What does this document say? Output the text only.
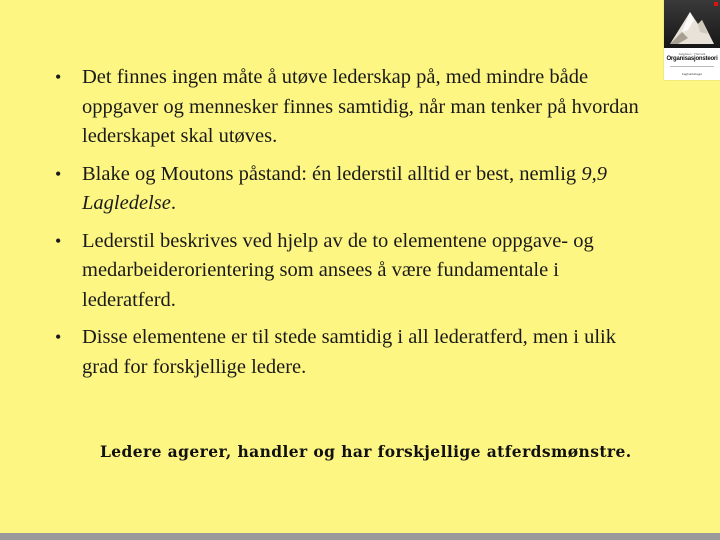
Jacobsen · Thorsvik
Organisasjonsteori
Fagbokforlaget
• Det finnes ingen måte å utøve lederskap på, med mindre både oppgaver og mennesker finnes samtidig, når man tenker på hvordan lederskapet skal utøves.
• Blake og Moutons påstand: én lederstil alltid er best, nemlig 9,9 Lagledelse.
• Lederstil beskrives ved hjelp av de to elementene oppgave- og medarbeiderorientering som ansees å være fundamentale i lederatferd.
• Disse elementene er til stede samtidig i all lederatferd, men i ulik grad for forskjellige ledere.
Ledere agerer, handler og har forskjellige atferdsmønstre.
